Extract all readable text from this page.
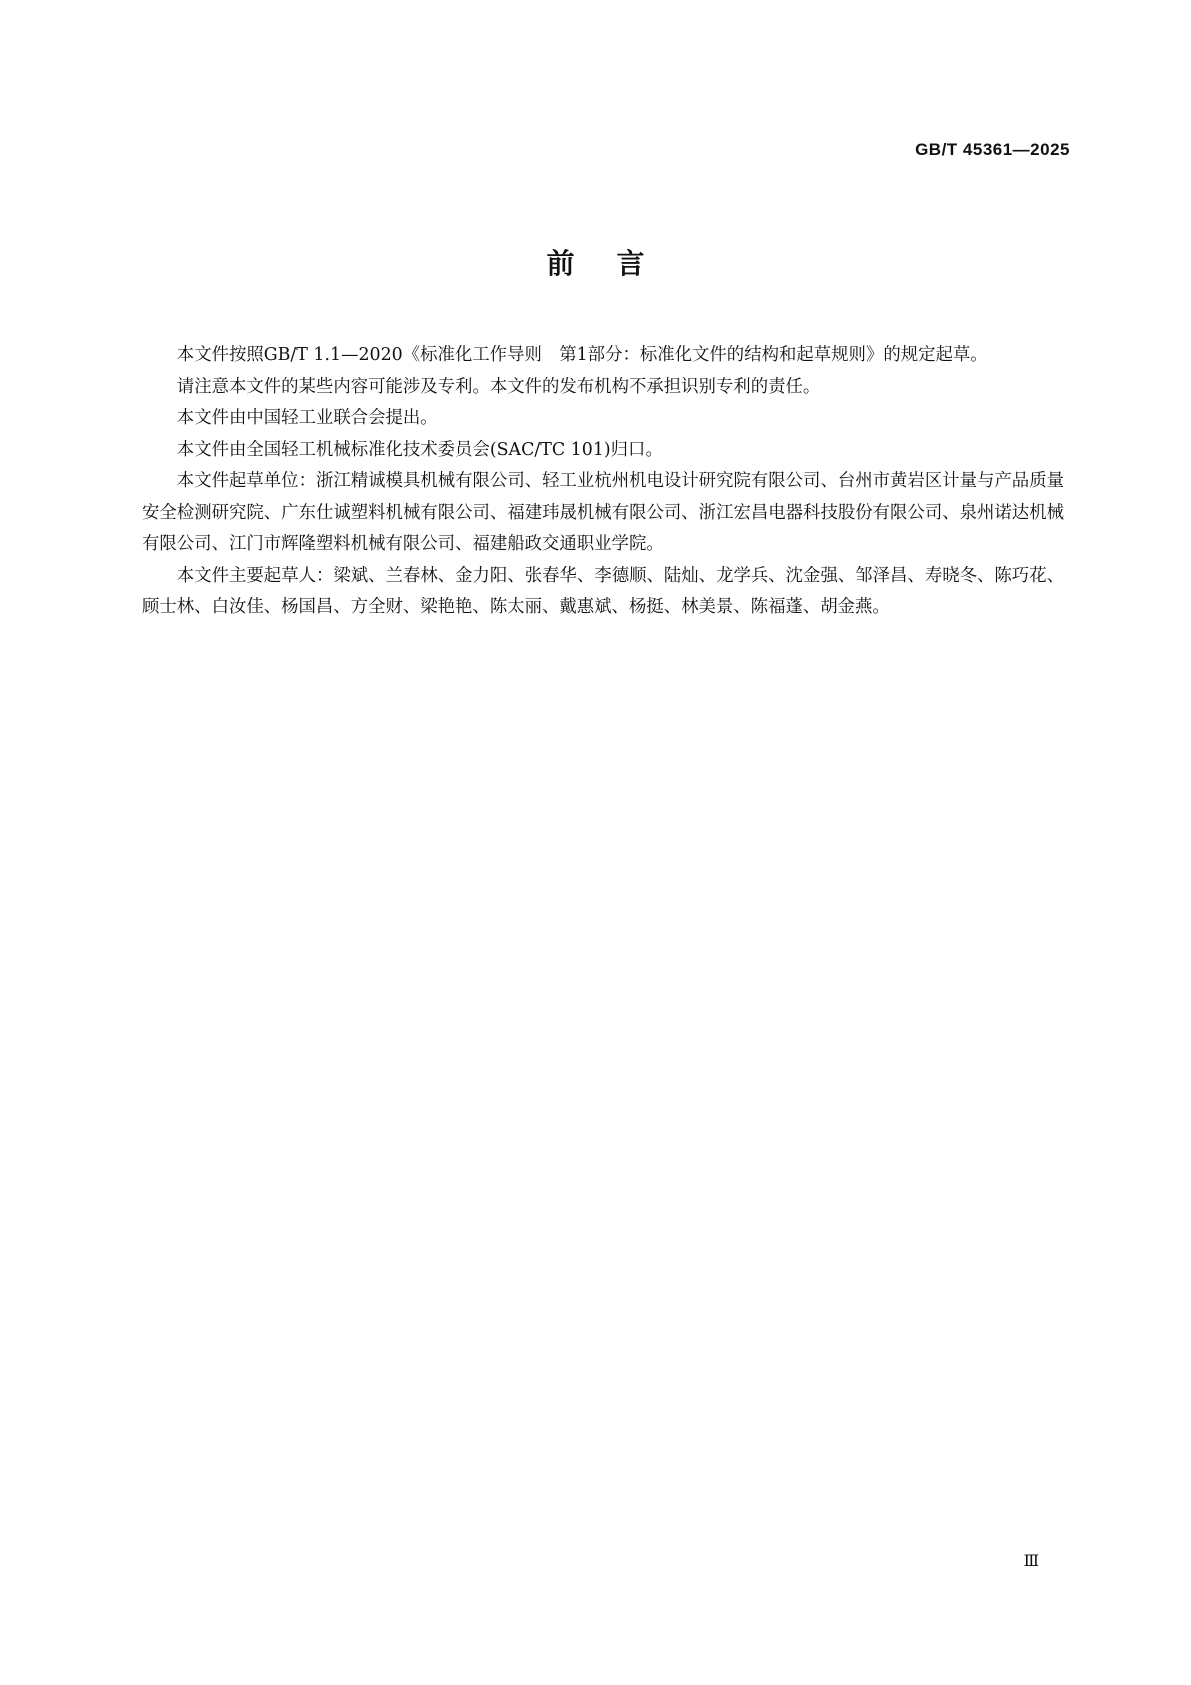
GB/T 45361—2025
前言

本文件按照GB/T 1.1—2020《标准化工作导则　第1部分：标准化文件的结构和起草规则》的规定起草。

请注意本文件的某些内容可能涉及专利。本文件的发布机构不承担识别专利的责任。

本文件由中国轻工业联合会提出。

本文件由全国轻工机械标准化技术委员会(SAC/TC 101)归口。

本文件起草单位：浙江精诚模具机械有限公司、轻工业杭州机电设计研究院有限公司、台州市黄岩区计量与产品质量安全检测研究院、广东仕诚塑料机械有限公司、福建玮晟机械有限公司、浙江宏昌电器科技股份有限公司、泉州诺达机械有限公司、江门市辉隆塑料机械有限公司、福建船政交通职业学院。

本文件主要起草人：梁斌、兰春林、金力阳、张春华、李德顺、陆灿、龙学兵、沈金强、邹泽昌、寿晓冬、陈巧花、顾士林、白汝佳、杨国昌、方全财、梁艳艳、陈太丽、戴惠斌、杨挺、林美景、陈福蓬、胡金燕。

Ⅲ
